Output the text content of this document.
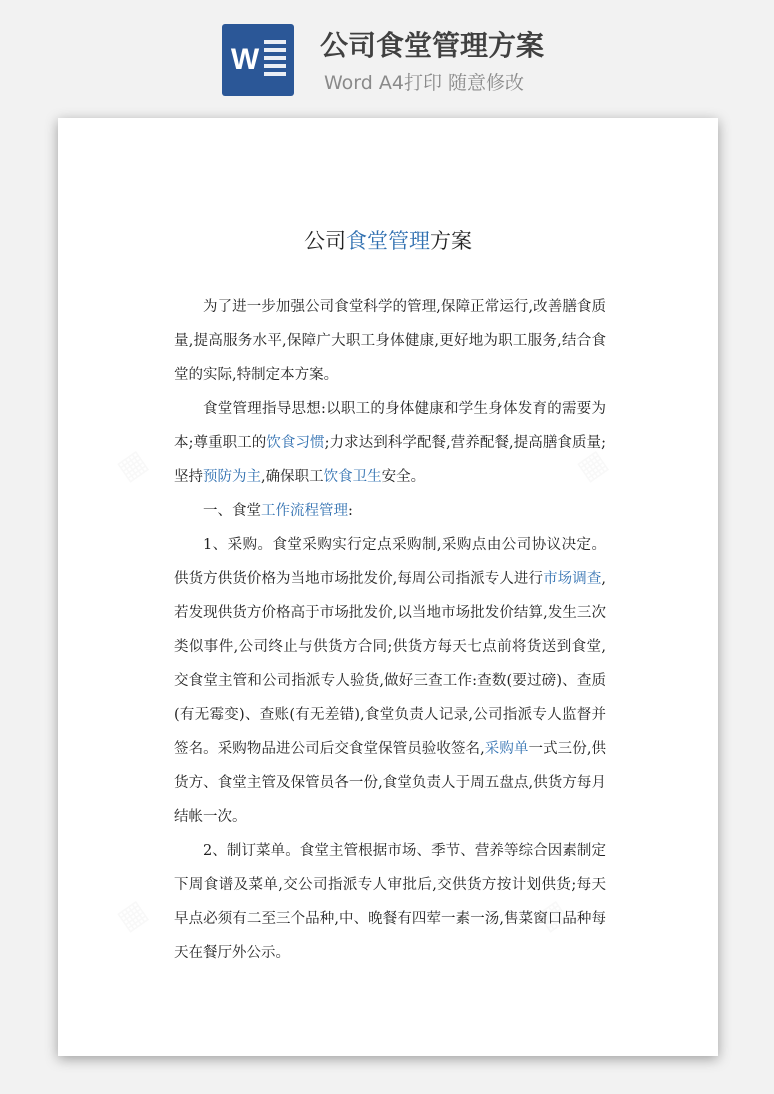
W 公司食堂管理方案
Word A4打印 随意修改
公司食堂管理方案

为了进一步加强公司食堂科学的管理,保障正常运行,改善膳食质量,提高服务水平,保障广大职工身体健康,更好地为职工服务,结合食堂的实际,特制定本方案。

食堂管理指导思想:以职工的身体健康和学生身体发育的需要为本;尊重职工的饮食习惯;力求达到科学配餐,营养配餐,提高膳食质量;坚持预防为主,确保职工饮食卫生安全。

一、食堂工作流程管理:

1、采购。食堂采购实行定点采购制,采购点由公司协议决定。供货方供货价格为当地市场批发价,每周公司指派专人进行市场调查,若发现供货方价格高于市场批发价,以当地市场批发价结算,发生三次类似事件,公司终止与供货方合同;供货方每天七点前将货送到食堂,交食堂主管和公司指派专人验货,做好三查工作:查数(要过磅)、查质(有无霉变)、查账(有无差错),食堂负责人记录,公司指派专人监督并签名。采购物品进公司后交食堂保管员验收签名,采购单一式三份,供货方、食堂主管及保管员各一份,食堂负责人于周五盘点,供货方每月结帐一次。

2、制订菜单。食堂主管根据市场、季节、营养等综合因素制定下周食谱及菜单,交公司指派专人审批后,交供货方按计划供货;每天早点必须有二至三个品种,中、晚餐有四荤一素一汤,售菜窗口品种每天在餐厅外公示。
